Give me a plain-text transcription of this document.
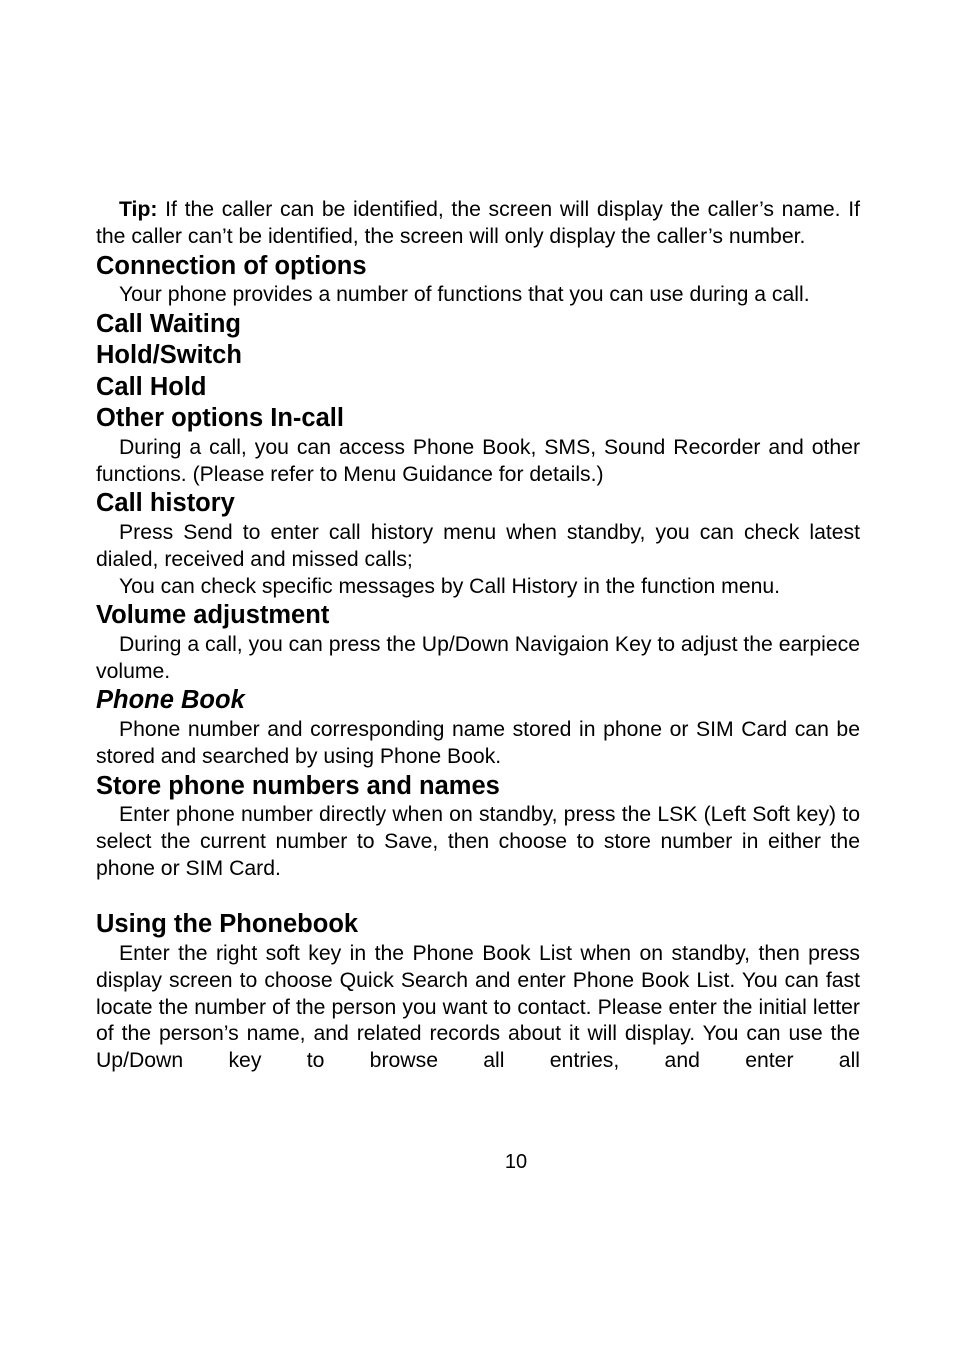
Tip: If the caller can be identified, the screen will display the caller’s name. If the caller can’t be identified, the screen will only display the caller’s number.

Connection of options

Your phone provides a number of functions that you can use during a call.

Call Waiting
Hold/Switch
Call Hold
Other options In-call

During a call, you can access Phone Book, SMS, Sound Recorder and other functions. (Please refer to Menu Guidance for details.)

Call history

Press Send to enter call history menu when standby, you can check latest dialed, received and missed calls;

You can check specific messages by Call History in the function menu.

Volume adjustment

During a call, you can press the Up/Down Navigaion Key to adjust the earpiece volume.

Phone Book

Phone number and corresponding name stored in phone or SIM Card can be stored and searched by using Phone Book.

Store phone numbers and names

Enter phone number directly when on standby, press the LSK (Left Soft key) to select the current number to Save, then choose to store number in either the phone or SIM Card.

Using the Phonebook

Enter the right soft key in the Phone Book List when on standby, then press display screen to choose Quick Search and enter Phone Book List. You can fast locate the number of the person you want to contact. Please enter the initial letter of the person’s name, and related records about it will display. You can use the Up/Down key to browse all entries, and enter all

10
